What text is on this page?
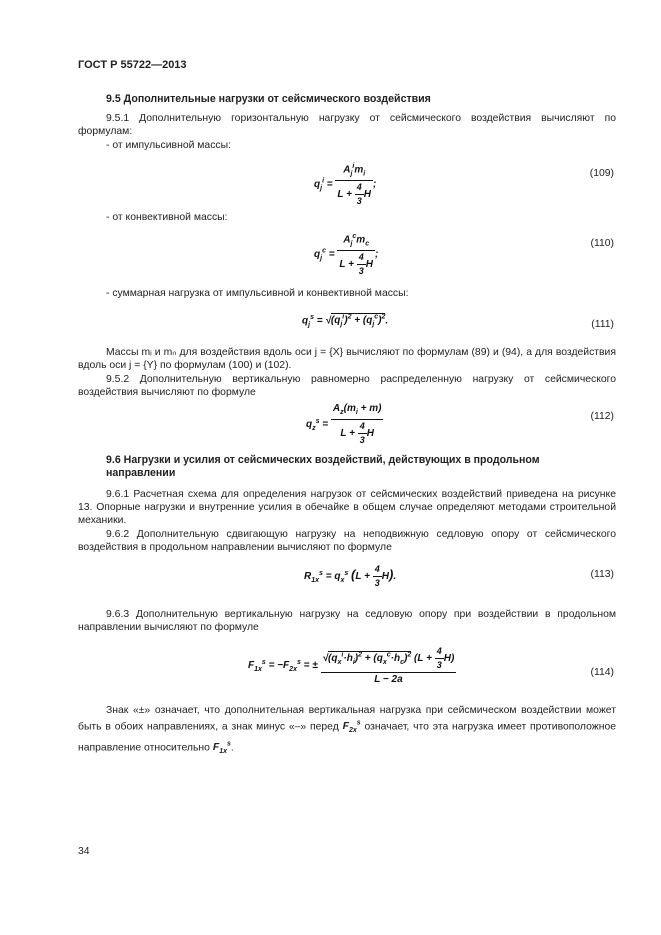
ГОСТ Р 55722—2013
9.5 Дополнительные нагрузки от сейсмического воздействия
9.5.1 Дополнительную горизонтальную нагрузку от сейсмического воздействия вычисляют по формулам:
- от импульсивной массы:
$q_j^i = \frac{A_j^im_i}{L + \frac{4}{3} H}$ ;
(109)
- от конвективной массы:
$q_j^c = \frac{A_j^cm_c}{L + \frac{4}{3} H}$ ;
(110)
- суммарная нагрузка от импульсивной и конвективной массы:
$q_j^s = √(q_j^i)^2 + (q_j^c)^2$.	(111)
Массы mᵢ и mₙ для воздействия вдоль оси j = {X} вычисляют по формулам (89) и (94), а для воздействия вдоль оси j = {Y} по формулам (100) и (102).
9.5.2 Дополнительную вертикальную равномерно распределенную нагрузку от сейсмического воздействия вычисляют по формуле
$q_z^s = \frac{A_z(m_i + m)}{L + \frac{4}{3} H}$	(112)
9.6 Нагрузки и усилия от сейсмических воздействий, действующих в продольном направлении
9.6.1 Расчетная схема для определения нагрузок от сейсмических воздействий приведена на рисунке 13. Опорные нагрузки и внутренние усилия в обечайке в общем случае определяют методами строительной механики.
9.6.2 Дополнительную сдвигающую нагрузку на неподвижную седловую опору от сейсмического воздействия в продольном направлении вычисляют по формуле
$R_{1x}^s = q_x^s$ $(L + \frac{4}{3} H)$.	(113)
9.6.3 Дополнительную вертикальную нагрузку на седловую опору при воздействии в продольном направлении вычисляют по формуле
$F_{1x}^s = -F_{2x}^s$ = ± $\frac{√(q_x^i\cdot h_i)^2 + (q_x^c\cdot h_c)^2 (L + \frac{4}{3} H)}{L - 2a}$	(114)
Знак «±» означает, что дополнительная вертикальная нагрузка при сейсмическом воздействии может быть в обоих направлениях, а знак минус «–» перед $F_{2x}^s$ означает, что эта нагрузка имеет противоположное направление относительно $F_{1x}^s$.
34
